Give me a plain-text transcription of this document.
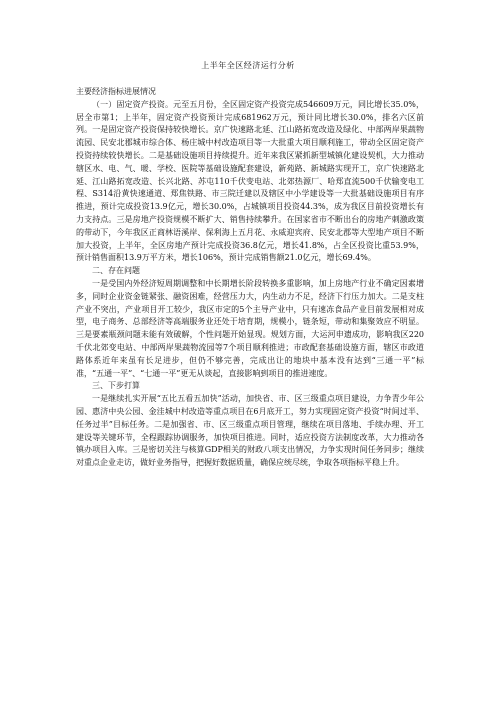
上半年全区经济运行分析

主要经济指标进展情况

（一）固定资产投资。元至五月份，全区固定资产投资完成546609万元，同比增长35.0%，居全市第1；上半年，固定资产投资预计完成681962万元，预计同比增长30.0%，排名六区前列。一是固定资产投资保持较快增长。京广快速路北延、江山路拓宽改造及绿化、中部两岸果蔬物流园、民安北郡城市综合体、杨庄城中村改造项目等一大批重大项目顺利施工，带动全区固定资产投资持续较快增长。二是基础设施项目持续提升。近年来我区紧抓新型城镇化建设契机，大力推动辖区水、电、气、暖、学校、医院等基础设施配套建设，新苑路、新城路实现开工，京广快速路北延、江山路拓宽改造、长兴北路、苏屯110千伏变电站、北郊热源厂、哈郑直流500千伏输变电工程、S314沿黄快速通道、郑焦铁路、市三院迁建以及辖区中小学建设等一大批基础设施项目有序推进，预计完成投资13.9亿元，增长30.0%，占城镇项目投资44.3%，成为我区目前投资增长有力支持点。三是房地产投资规模不断扩大、销售持续攀升。在国家省市不断出台的房地产刺激政策的带动下，今年我区正商林语溪岸、保利海上五月花、永威迎宾府、民安北郡等大型地产项目不断加大投资，上半年，全区房地产预计完成投资36.8亿元，增长41.8%，占全区投资比重53.9%，预计销售面积13.9万平方米，增长106%，预计完成销售额21.0亿元，增长69.4%。

二、存在问题

一是受国内外经济短周期调整和中长期增长阶段转换多重影响，加上房地产行业不确定因素增多，同时企业资金链紧张、融资困难，经营压力大，内生动力不足，经济下行压力加大。二是支柱产业不突出，产业项目开工较少，我区市定的5个主导产业中，只有速冻食品产业目前发展相对成型，电子商务、总部经济等高端服务业还处于培育期，规模小，链条短，带动和集聚效应不明显。三是要素瓶颈问题未能有效破解，个性问题开始显现。规划方面，大运河申遗成功，影响我区220千伏北郊变电站、中部两岸果蔬物流园等7个项目顺利推进；市政配套基础设施方面，辖区市政道路体系近年来虽有长足进步，但仍不够完善，完成出让的地块中基本没有达到“三通一平”标准，“五通一平”、“七通一平”更无从谈起，直接影响到项目的推进速度。

三、下步打算

一是继续扎实开展“五比五看五加快”活动，加快省、市、区三级重点项目建设，力争青少年公园、惠济中央公园、金洼城中村改造等重点项目在6月底开工，努力实现固定资产投资“时间过半、任务过半”目标任务。二是加强省、市、区三级重点项目管理，继续在项目落地、手续办理、开工建设等关键环节，全程跟踪协调服务，加快项目推进。同时，适应投资方法制度改革，大力推动各镇办项目入库。三是密切关注与核算GDP相关的财政八项支出情况，力争实现时间任务同步；继续对重点企业走访，做好业务指导，把握好数据质量，确保应统尽统，争取各项指标平稳上升。
